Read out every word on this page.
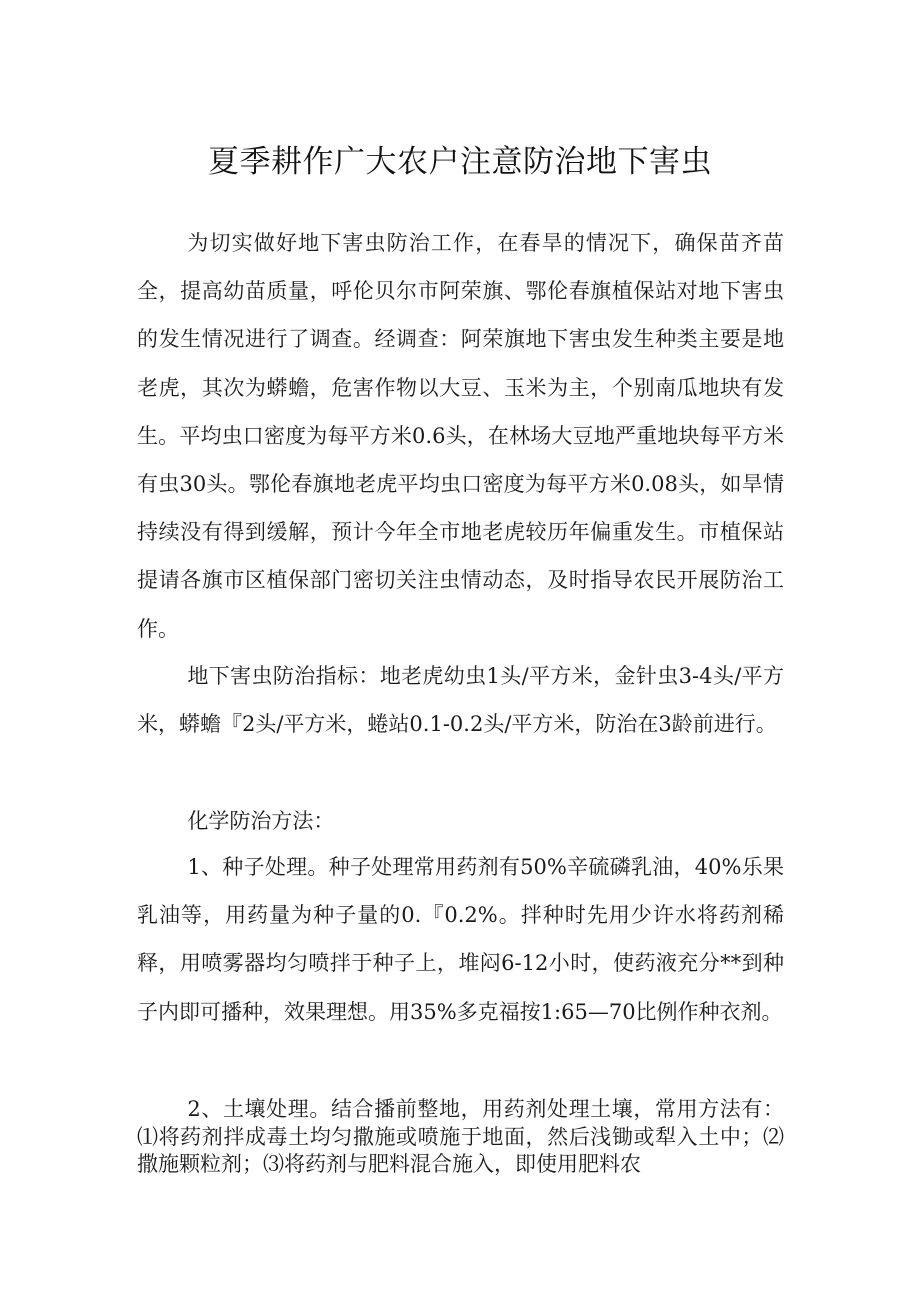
夏季耕作广大农户注意防治地下害虫

为切实做好地下害虫防治工作，在春旱的情况下，确保苗齐苗全，提高幼苗质量，呼伦贝尔市阿荣旗、鄂伦春旗植保站对地下害虫的发生情况进行了调查。经调查：阿荣旗地下害虫发生种类主要是地老虎，其次为蟒蟾，危害作物以大豆、玉米为主，个别南瓜地块有发生。平均虫口密度为每平方米0.6头，在林场大豆地严重地块每平方米有虫30头。鄂伦春旗地老虎平均虫口密度为每平方米0.08头，如旱情持续没有得到缓解，预计今年全市地老虎较历年偏重发生。市植保站提请各旗市区植保部门密切关注虫情动态，及时指导农民开展防治工作。

地下害虫防治指标：地老虎幼虫1头/平方米，金针虫3-4头/平方米，蟒蟾『2头/平方米，蜷站0.1-0.2头/平方米，防治在3龄前进行。

化学防治方法：

1、种子处理。种子处理常用药剂有50%辛硫磷乳油，40%乐果乳油等，用药量为种子量的0.『0.2%。拌种时先用少许水将药剂稀释，用喷雾器均匀喷拌于种子上，堆闷6-12小时，使药液充分**到种子内即可播种，效果理想。用35%多克福按1:65—70比例作种衣剂。

2、土壤处理。结合播前整地，用药剂处理土壤，常用方法有：⑴将药剂拌成毒土均匀撒施或喷施于地面，然后浅锄或犁入土中；⑵撒施颗粒剂；⑶将药剂与肥料混合施入，即使用肥料农
